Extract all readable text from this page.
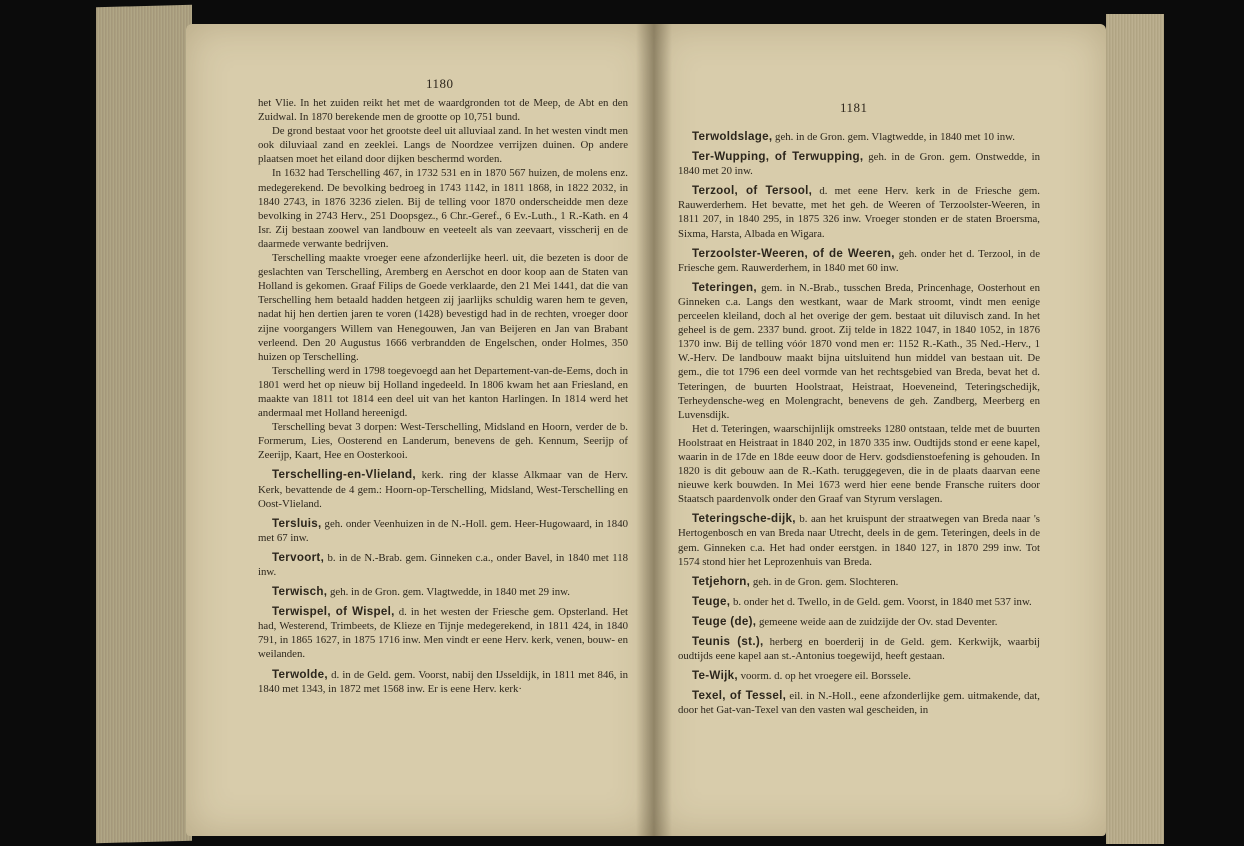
1180
1181

het Vlie. In het zuiden reikt het met de waardgronden tot de Meep, de Abt en den Zuidwal. In 1870 berekende men de grootte op 10,751 bund.

De grond bestaat voor het grootste deel uit alluviaal zand. In het westen vindt men ook diluviaal zand en zeeklei. Langs de Noordzee verrijzen duinen. Op andere plaatsen moet het eiland door dijken beschermd worden.

In 1632 had Terschelling 467, in 1732 531 en in 1870 567 huizen, de molens enz. medegerekend. De bevolking bedroeg in 1743 1142, in 1811 1868, in 1822 2032, in 1840 2743, in 1876 3236 zielen. Bij de telling voor 1870 onderscheidde men deze bevolking in 2743 Herv., 251 Doopsgez., 6 Chr.-Geref., 6 Ev.-Luth., 1 R.-Kath. en 4 Isr. Zij bestaan zoowel van landbouw en veeteelt als van zeevaart, visscherij en de daarmede verwante bedrijven.

Terschelling maakte vroeger eene afzonderlijke heerl. uit, die bezeten is door de geslachten van Terschelling, Aremberg en Aerschot en door koop aan de Staten van Holland is gekomen. Graaf Filips de Goede verklaarde, den 21 Mei 1441, dat die van Terschelling hem betaald hadden hetgeen zij jaarlijks schuldig waren hem te geven, nadat hij hen dertien jaren te voren (1428) bevestigd had in de rechten, vroeger door zijne voorgangers Willem van Henegouwen, Jan van Beijeren en Jan van Brabant verleend. Den 20 Augustus 1666 verbrandden de Engelschen, onder Holmes, 350 huizen op Terschelling.

Terschelling werd in 1798 toegevoegd aan het Departement-van-de-Eems, doch in 1801 werd het op nieuw bij Holland ingedeeld. In 1806 kwam het aan Friesland, en maakte van 1811 tot 1814 een deel uit van het kanton Harlingen. In 1814 werd het andermaal met Holland hereenigd.

Terschelling bevat 3 dorpen: West-Terschelling, Midsland en Hoorn, verder de b. Formerum, Lies, Oosterend en Landerum, benevens de geh. Kennum, Seerijp of Zeerijp, Kaart, Hee en Oosterkooi.

Terschelling-en-Vlieland, kerk. ring der klasse Alkmaar van de Herv. Kerk, bevattende de 4 gem.: Hoorn-op-Terschelling, Midsland, West-Terschelling en Oost-Vlieland.

Tersluis, geh. onder Veenhuizen in de N.-Holl. gem. Heer-Hugowaard, in 1840 met 67 inw.

Tervoort, b. in de N.-Brab. gem. Ginneken c.a., onder Bavel, in 1840 met 118 inw.

Terwisch, geh. in de Gron. gem. Vlagtwedde, in 1840 met 29 inw.

Terwispel, of Wispel, d. in het westen der Friesche gem. Opsterland. Het had, Westerend, Trimbeets, de Klieze en Tijnje medegerekend, in 1811 424, in 1840 791, in 1865 1627, in 1875 1716 inw. Men vindt er eene Herv. kerk, venen, bouw- en weilanden.

Terwolde, d. in de Geld. gem. Voorst, nabij den IJsseldijk, in 1811 met 846, in 1840 met 1343, in 1872 met 1568 inw. Er is eene Herv. kerk·

Terwoldslage, geh. in de Gron. gem. Vlagtwedde, in 1840 met 10 inw.

Ter-Wupping, of Terwupping, geh. in de Gron. gem. Onstwedde, in 1840 met 20 inw.

Terzool, of Tersool, d. met eene Herv. kerk in de Friesche gem. Rauwerderhem. Het bevatte, met het geh. de Weeren of Terzoolster-Weeren, in 1811 207, in 1840 295, in 1875 326 inw. Vroeger stonden er de staten Broersma, Sixma, Harsta, Albada en Wigara.

Terzoolster-Weeren, of de Weeren, geh. onder het d. Terzool, in de Friesche gem. Rauwerderhem, in 1840 met 60 inw.

Teteringen, gem. in N.-Brab., tusschen Breda, Princenhage, Oosterhout en Ginneken c.a. Langs den westkant, waar de Mark stroomt, vindt men eenige perceelen kleiland, doch al het overige der gem. bestaat uit diluvisch zand. In het geheel is de gem. 2337 bund. groot. Zij telde in 1822 1047, in 1840 1052, in 1876 1370 inw. Bij de telling vóór 1870 vond men er: 1152 R.-Kath., 35 Ned.-Herv., 1 W.-Herv. De landbouw maakt bijna uitsluitend hun middel van bestaan uit. De gem., die tot 1796 een deel vormde van het rechtsgebied van Breda, bevat het d. Teteringen, de buurten Hoolstraat, Heistraat, Hoeveneind, Teteringschedijk, Terheydensche-weg en Molengracht, benevens de geh. Zandberg, Meerberg en Luvensdijk.

Het d. Teteringen, waarschijnlijk omstreeks 1280 ontstaan, telde met de buurten Hoolstraat en Heistraat in 1840 202, in 1870 335 inw. Oudtijds stond er eene kapel, waarin in de 17de en 18de eeuw door de Herv. godsdienstoefening is gehouden. In 1820 is dit gebouw aan de R.-Kath. teruggegeven, die in de plaats daarvan eene nieuwe kerk bouwden. In Mei 1673 werd hier eene bende Fransche ruiters door Staatsch paardenvolk onder den Graaf van Styrum verslagen.

Teteringsche-dijk, b. aan het kruispunt der straatwegen van Breda naar 's Hertogenbosch en van Breda naar Utrecht, deels in de gem. Teteringen, deels in de gem. Ginneken c.a. Het had onder eerstgen. in 1840 127, in 1870 299 inw. Tot 1574 stond hier het Leprozenhuis van Breda.

Tetjehorn, geh. in de Gron. gem. Slochteren.

Teuge, b. onder het d. Twello, in de Geld. gem. Voorst, in 1840 met 537 inw.

Teuge (de), gemeene weide aan de zuidzijde der Ov. stad Deventer.

Teunis (st.), herberg en boerderij in de Geld. gem. Kerkwijk, waarbij oudtijds eene kapel aan st.-Antonius toegewijd, heeft gestaan.

Te-Wijk, voorm. d. op het vroegere eil. Borssele.

Texel, of Tessel, eil. in N.-Holl., eene afzonderlijke gem. uitmakende, dat, door het Gat-van-Texel van den vasten wal gescheiden, in
